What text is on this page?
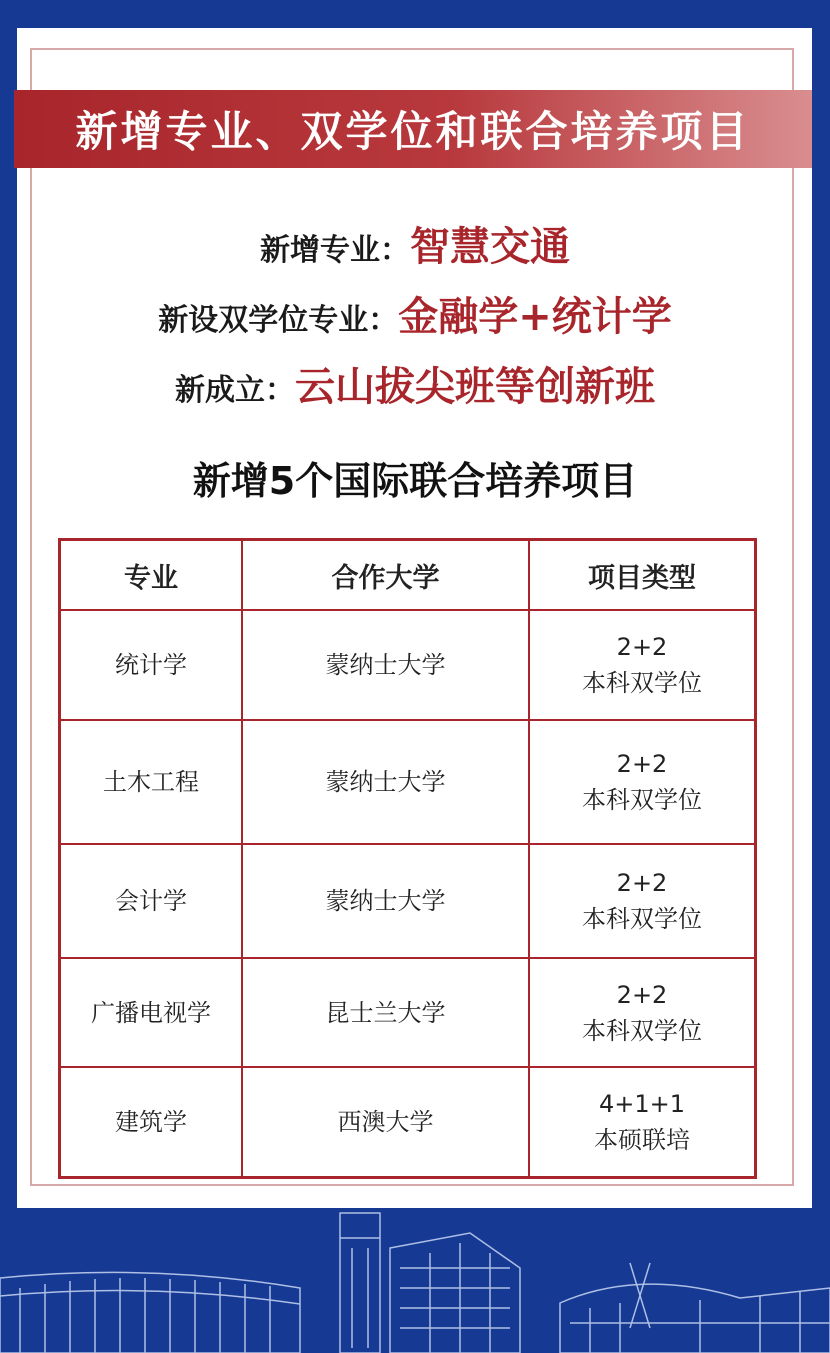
新增专业、双学位和联合培养项目
新增专业：智慧交通
新设双学位专业：金融学+统计学
新成立：云山拔尖班等创新班
新增5个国际联合培养项目
专业	合作大学	项目类型
统计学	蒙纳士大学	2+2
本科双学位

土木工程	蒙纳士大学	2+2
本科双学位

会计学	蒙纳士大学	2+2
本科双学位

广播电视学	昆士兰大学	2+2
本科双学位

建筑学	西澳大学	4+1+1
本硕联培
